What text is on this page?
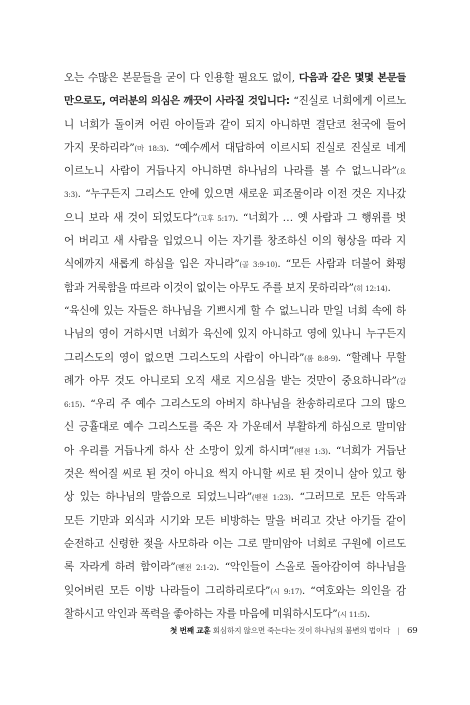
오는 수많은 본문들을 굳이 다 인용할 필요도 없이, 다음과 같은 몇몇 본문들
만으로도, 여러분의 의심은 깨끗이 사라질 것입니다: “진실로 너희에게 이르노
니 너희가 돌이켜 어린 아이들과 같이 되지 아니하면 결단코 천국에 들어
가지 못하리라”(마 18:3). “예수께서 대답하여 이르시되 진실로 진실로 네게
이르노니 사람이 거듭나지 아니하면 하나님의 나라를 볼 수 없느니라”(요
3:3). “누구든지 그리스도 안에 있으면 새로운 피조물이라 이전 것은 지나갔
으니 보라 새 것이 되었도다”(고후 5:17). “너희가 … 옛 사람과 그 행위를 벗
어 버리고 새 사람을 입었으니 이는 자기를 창조하신 이의 형상을 따라 지
식에까지 새롭게 하심을 입은 자니라”(골 3:9-10). “모든 사람과 더불어 화평
함과 거룩함을 따르라 이것이 없이는 아무도 주를 보지 못하리라”(히 12:14).
“육신에 있는 자들은 하나님을 기쁘시게 할 수 없느니라 만일 너희 속에 하
나님의 영이 거하시면 너희가 육신에 있지 아니하고 영에 있나니 누구든지
그리스도의 영이 없으면 그리스도의 사람이 아니라”(롬 8:8-9). “할례나 무할
례가 아무 것도 아니로되 오직 새로 지으심을 받는 것만이 중요하니라”(갈
6:15). “우리 주 예수 그리스도의 아버지 하나님을 찬송하리로다 그의 많으
신 긍휼대로 예수 그리스도를 죽은 자 가운데서 부활하게 하심으로 말미암
아 우리를 거듭나게 하사 산 소망이 있게 하시며”(벧전 1:3). “너희가 거듭난
것은 썩어질 씨로 된 것이 아니요 썩지 아니할 씨로 된 것이니 살아 있고 항
상 있는 하나님의 말씀으로 되었느니라”(벧전 1:23). “그러므로 모든 악독과
모든 기만과 외식과 시기와 모든 비방하는 말을 버리고 갓난 아기들 같이
순전하고 신령한 젖을 사모하라 이는 그로 말미암아 너희로 구원에 이르도
록 자라게 하려 함이라”(벧전 2:1-2). “악인들이 스올로 돌아감이여 하나님을
잊어버린 모든 이방 나라들이 그리하리로다”(시 9:17). “여호와는 의인을 감
찰하시고 악인과 폭력을 좋아하는 자를 마음에 미워하시도다”(시 11:5).
첫 번째 교훈 회심하지 않으면 죽는다는 것이 하나님의 불변의 법이다 | 69
